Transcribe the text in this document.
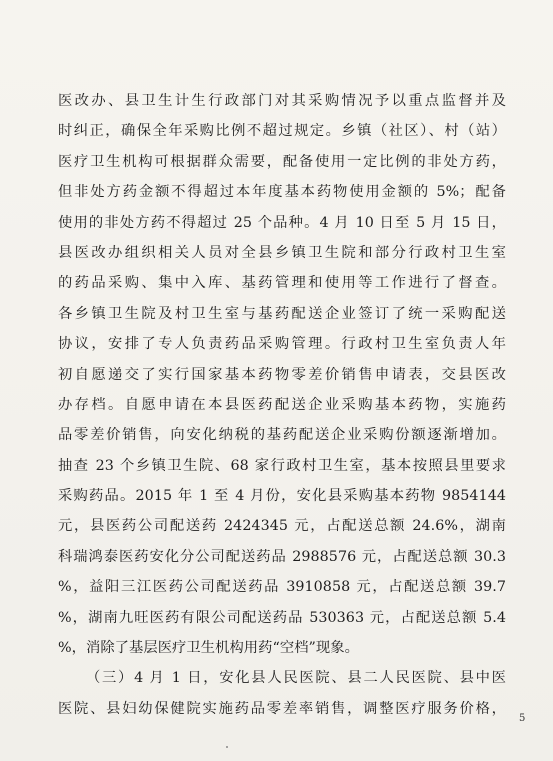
医改办、县卫生计生行政部门对其采购情况予以重点监督并及
时纠正，确保全年采购比例不超过规定。乡镇（社区）、村（站）
医疗卫生机构可根据群众需要，配备使用一定比例的非处方药，
但非处方药金额不得超过本年度基本药物使用金额的 5%；配备
使用的非处方药不得超过 25 个品种。4 月 10 日至 5 月 15 日，
县医改办组织相关人员对全县乡镇卫生院和部分行政村卫生室
的药品采购、集中入库、基药管理和使用等工作进行了督查。
各乡镇卫生院及村卫生室与基药配送企业签订了统一采购配送
协议，安排了专人负责药品采购管理。行政村卫生室负责人年
初自愿递交了实行国家基本药物零差价销售申请表，交县医改
办存档。自愿申请在本县医药配送企业采购基本药物，实施药
品零差价销售，向安化纳税的基药配送企业采购份额逐渐增加。
抽查 23 个乡镇卫生院、68 家行政村卫生室，基本按照县里要求
采购药品。2015 年 1 至 4 月份，安化县采购基本药物 9854144
元，县医药公司配送药 2424345 元，占配送总额 24.6%，湖南
科瑞鸿泰医药安化分公司配送药品 2988576 元，占配送总额 30.3
%，益阳三江医药公司配送药品 3910858 元，占配送总额 39.7
%，湖南九旺医药有限公司配送药品 530363 元，占配送总额 5.4
%，消除了基层医疗卫生机构用药“空档”现象。
（三）4 月 1 日，安化县人民医院、县二人民医院、县中医
医院、县妇幼保健院实施药品零差率销售，调整医疗服务价格，
5
